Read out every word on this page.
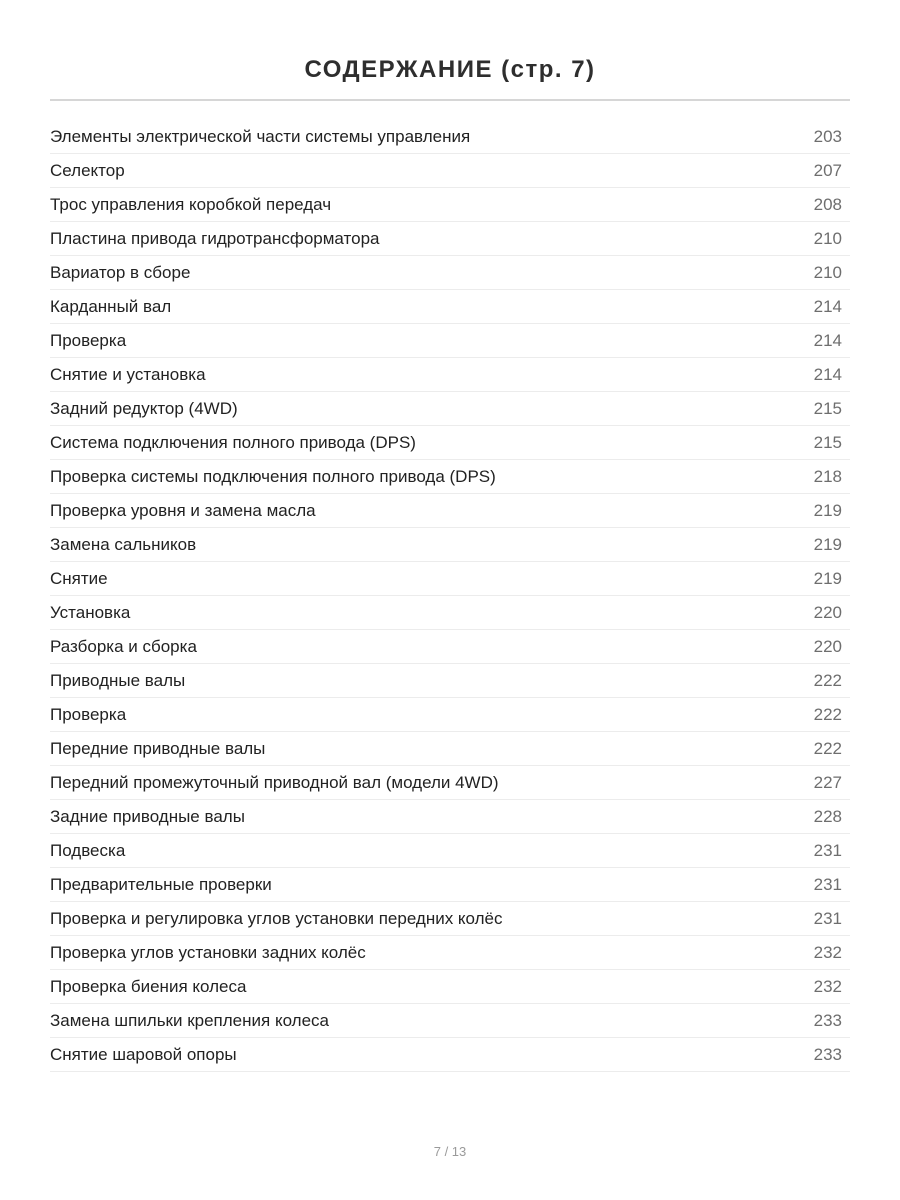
СОДЕРЖАНИЕ (стр. 7)
Элементы электрической части системы управления	203
Селектор	207
Трос управления коробкой передач	208
Пластина привода гидротрансформатора	210
Вариатор в сборе	210
Карданный вал	214
Проверка	214
Снятие и установка	214
Задний редуктор (4WD)	215
Система подключения полного привода (DPS)	215
Проверка системы подключения полного привода (DPS)	218
Проверка уровня и замена масла	219
Замена сальников	219
Снятие	219
Установка	220
Разборка и сборка	220
Приводные валы	222
Проверка	222
Передние приводные валы	222
Передний промежуточный приводной вал (модели 4WD)	227
Задние приводные валы	228
Подвеска	231
Предварительные проверки	231
Проверка и регулировка углов установки передних колёс	231
Проверка углов установки задних колёс	232
Проверка биения колеса	232
Замена шпильки крепления колеса	233
Снятие шаровой опоры	233
7 / 13
